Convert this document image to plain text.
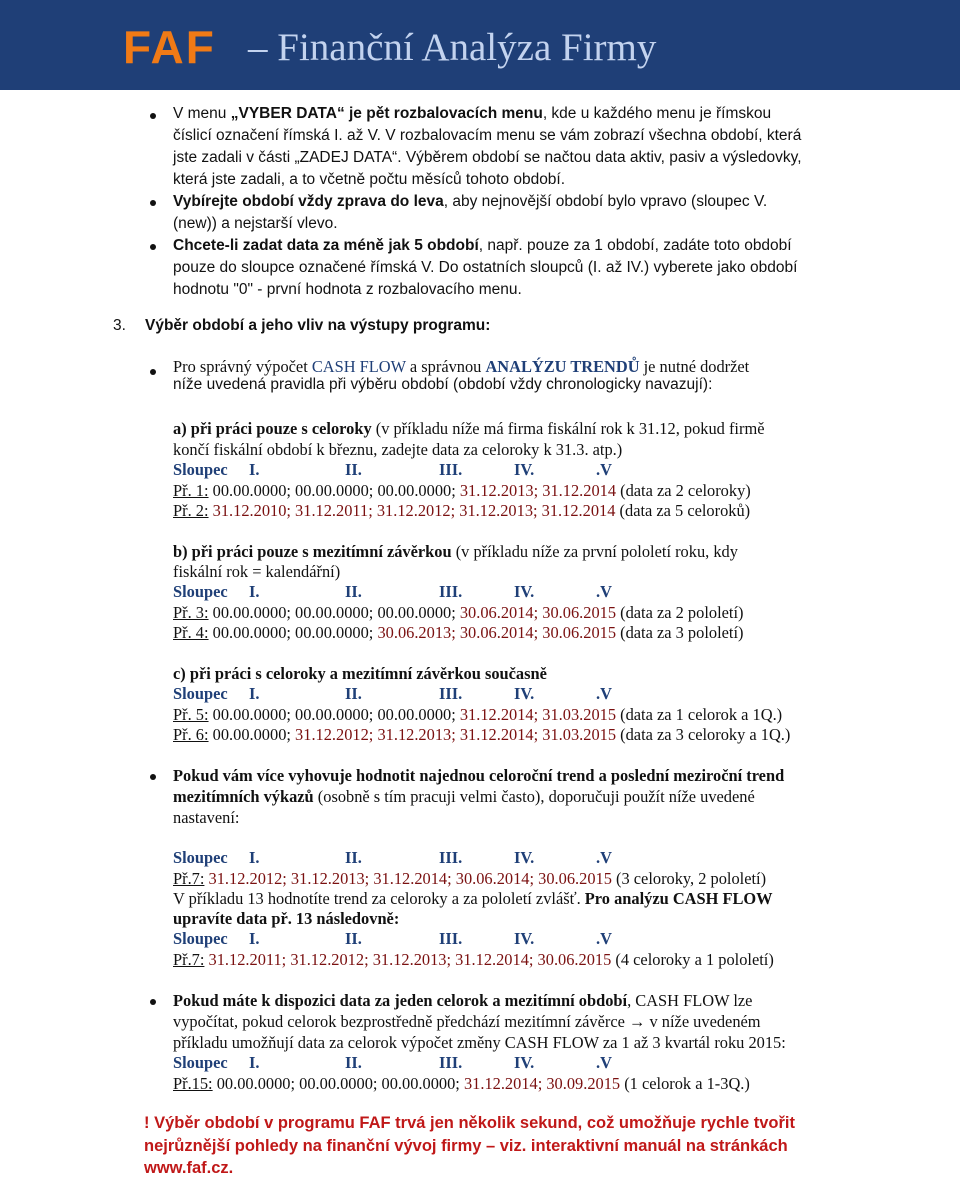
FAF – Finanční Analýza Firmy
V menu „VYBER DATA“ je pět rozbalovacích menu, kde u každého menu je římskou
číslicí označení římská I. až V. V rozbalovacím menu se vám zobrazí všechna období, která
jste zadali v části „ZADEJ DATA“. Výběrem období se načtou data aktiv, pasiv a výsledovky,
která jste zadali, a to včetně počtu měsíců tohoto období.
Vybírejte období vždy zprava do leva, aby nejnovější období bylo vpravo (sloupec V.
(new)) a nejstarší vlevo.
Chcete-li zadat data za méně jak 5 období, např. pouze za 1 období, zadáte toto období
pouze do sloupce označené římská V. Do ostatních sloupců (I. až IV.) vyberete jako období
hodnotu "0" - první hodnota z rozbalovacího menu.
3. Výběr období a jeho vliv na výstupy programu:
Pro správný výpočet CASH FLOW a správnou ANALÝZU TRENDŮ je nutné dodržet
níže uvedená pravidla při výběru období (období vždy chronologicky navazují):
a) při práci pouze s celoroky (v příkladu níže má firma fiskální rok k 31.12, pokud firmě
končí fiskální období k březnu, zadejte data za celoroky k 31.3. atp.)
Sloupec I.	II.	III.	IV.	.V
Př. 1: 00.00.0000; 00.00.0000; 00.00.0000; 31.12.2013; 31.12.2014 (data za 2 celoroky)
Př. 2: 31.12.2010; 31.12.2011; 31.12.2012; 31.12.2013; 31.12.2014 (data za 5 celoroků)
b) při práci pouze s mezitímní závěrkou (v příkladu níže za první pololetí roku, kdy
fiskální rok = kalendářní)
Sloupec I.	II.	III.	IV.	.V
Př. 3: 00.00.0000; 00.00.0000; 00.00.0000; 30.06.2014; 30.06.2015 (data za 2 pololetí)
Př. 4: 00.00.0000; 00.00.0000; 30.06.2013; 30.06.2014; 30.06.2015 (data za 3 pololetí)
c) při práci s celoroky a mezitímní závěrkou současně
Sloupec I.	II.	III.	IV.	.V
Př. 5: 00.00.0000; 00.00.0000; 00.00.0000; 31.12.2014; 31.03.2015 (data za 1 celorok a 1Q.)
Př. 6: 00.00.0000; 31.12.2012; 31.12.2013; 31.12.2014; 31.03.2015 (data za 3 celoroky a 1Q.)
Pokud vám více vyhovuje hodnotit najednou celoroční trend a poslední meziroční trend
mezitímních výkazů (osobně s tím pracuji velmi často), doporučuji použít níže uvedené
nastavení:
Sloupec I.	II.	III.	IV.	.V
Př.7: 31.12.2012; 31.12.2013; 31.12.2014; 30.06.2014; 30.06.2015 (3 celoroky, 2 pololetí)
V příkladu 13 hodnotíte trend za celoroky a za pololetí zvlášť. Pro analýzu CASH FLOW
upravíte data př. 13 následovně:
Sloupec I.	II.	III.	IV.	.V
Př.7: 31.12.2011; 31.12.2012; 31.12.2013; 31.12.2014; 30.06.2015 (4 celoroky a 1 pololetí)
Pokud máte k dispozici data za jeden celorok a mezitímní období, CASH FLOW lze
vypočítat, pokud celorok bezprostředně předchází mezitímní závěrce → v níže uvedeném
příkladu umožňují data za celorok výpočet změny CASH FLOW za 1 až 3 kvartál roku 2015:
Sloupec I.	II.	III.	IV.	.V
Př.15: 00.00.0000; 00.00.0000; 00.00.0000; 31.12.2014; 30.09.2015 (1 celorok a 1-3Q.)
! Výběr období v programu FAF trvá jen několik sekund, což umožňuje rychle tvořit
nejrůznější pohledy na finanční vývoj firmy – viz. interaktivní manuál na stránkách
www.faf.cz.
